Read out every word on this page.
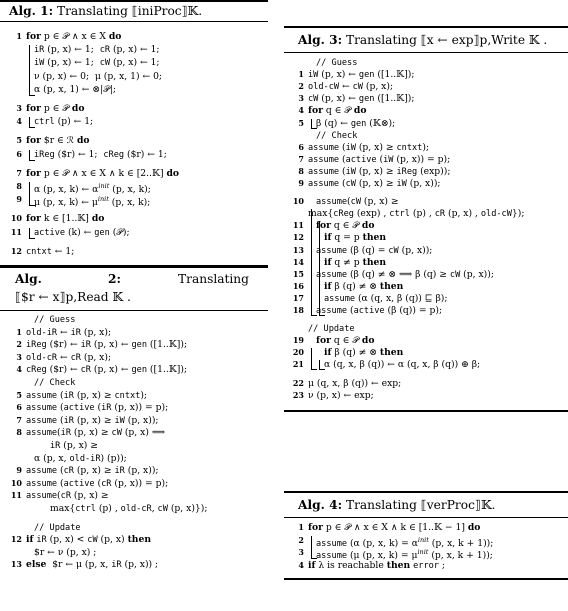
Alg. 1: Translating ⟦iniProc⟧𝕂.
1 for p ∈ 𝒫 ∧ x ∈ X do
iR (p, x) ← 1;  cR (p, x) ← 1;
iW (p, x) ← 1;  cW (p, x) ← 1;
ν (p, x) ← 0;  μ (p, x, 1) ← 0;
α (p, x, 1) ← ⊗|𝒫|;
3 for p ∈ 𝒫 do
4 ctrl (p) ← 1;
5 for $r ∈ ℛ do
6 iReg ($r) ← 1;  cReg ($r) ← 1;
7 for p ∈ 𝒫 ∧ x ∈ X ∧ k ∈ [2..𝕂] do
8 α (p, x, k) ← $\alpha^{init}$ (p, x, k);
9 μ (p, x, k) ← $\mu^{init}$ (p, x, k);
10 for k ∈ [1..𝕂] do
11 active (k) ← gen (𝒫);
12 cntxt ← 1;
Alg.	2:	Translating
⟦$r ← x⟧p,Read 𝕂 .
// Guess
1 old-iR ← iR (p, x);
2 iReg ($r) ← iR (p, x) ← gen ([1..𝕂]);
3 old-cR ← cR (p, x);
4 cReg ($r) ← cR (p, x) ← gen ([1..𝕂]);
// Check
5 assume (iR (p, x) ≥ cntxt);
6 assume (active (iR (p, x)) = p);
7 assume (iR (p, x) ≥ iW (p, x));
8 assume(iR (p, x) ≥ cW (p, x) ⟹
iR (p, x) ≥
α (p, x, old-iR) (p));
9 assume (cR (p, x) ≥ iR (p, x));
10 assume (active (cR (p, x)) = p);
11 assume(cR (p, x) ≥
max{ctrl (p) , old-cR, cW (p, x)});
// Update
12 if iR (p, x) < cW (p, x) then
$r ← ν (p, x) ;
13 else  $r ← μ (p, x, iR (p, x)) ;
Alg. 3: Translating ⟦x ← exp⟧p,Write 𝕂 .
// Guess
1 iW (p, x) ← gen ([1..𝕂]);
2 old-cW ← cW (p, x);
3 cW (p, x) ← gen ([1..𝕂]);
4 for q ∈ 𝒫 do
5 β (q) ← gen (𝕂⊗);
// Check
6 assume (iW (p, x) ≥ cntxt);
7 assume (active (iW (p, x)) = p);
8 assume (iW (p, x) ≥ iReg (exp));
9 assume (cW (p, x) ≥ iW (p, x));
10 assume(cW (p, x) ≥
max{cReg (exp) , ctrl (p) , cR (p, x) , old-cW});
11 for q ∈ 𝒫 do
12 if q = p then
13 assume (β (q) = cW (p, x));
14 if q ≠ p then
15 assume (β (q) ≠ ⊗ ⟹ β (q) ≥ cW (p, x));
16 if β (q) ≠ ⊗ then
17 assume (α (q, x, β (q)) ⊑ β);
18 assume (active (β (q)) = p);
// Update
19 for q ∈ 𝒫 do
20 if β (q) ≠ ⊗ then
21 α (q, x, β (q)) ← α (q, x, β (q)) ⊕ β;
22 μ (q, x, β (q)) ← exp;
23 ν (p, x) ← exp;
Alg. 4: Translating ⟦verProc⟧𝕂.
1 for p ∈ 𝒫 ∧ x ∈ X ∧ k ∈ [1..𝕂 − 1] do
2 assume (α (p, x, $k) = \alpha^{init}$ (p, x, k + 1));
3 assume (μ (p, x, $k) = \mu^{init}$ (p, x, k + 1));
4 if λ is reachable then error ;
